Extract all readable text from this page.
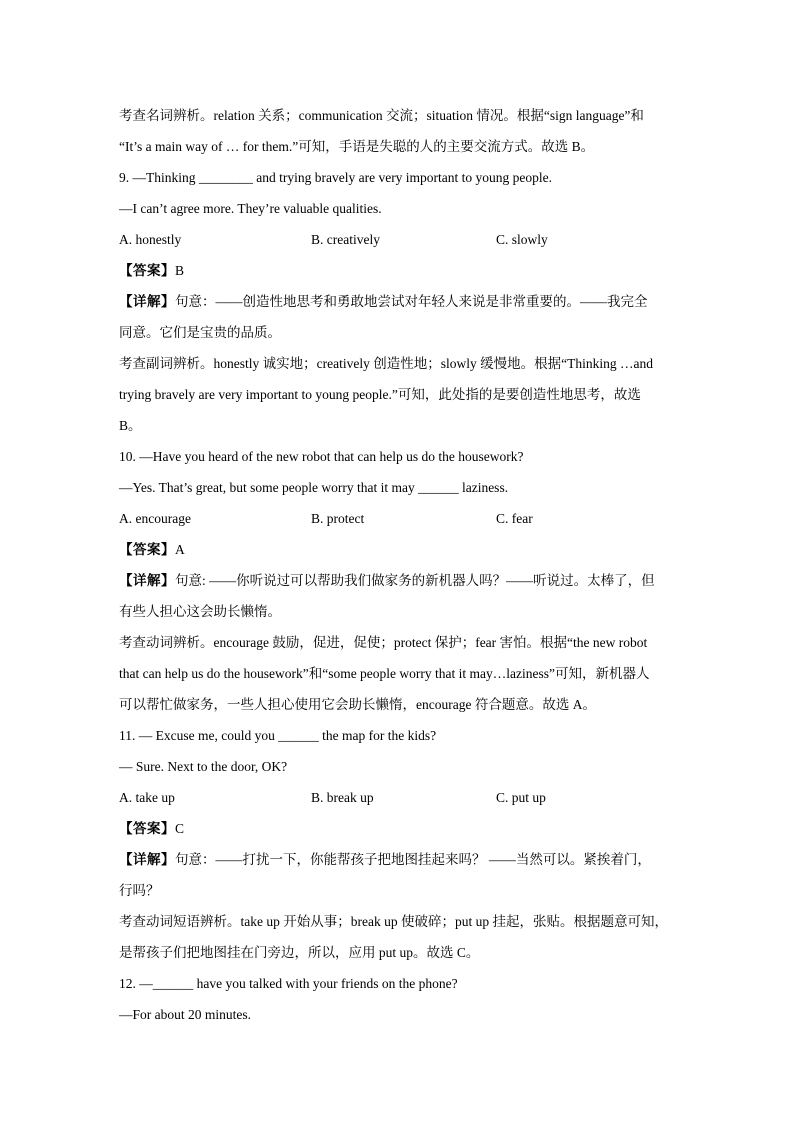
考查名词辨析。relation 关系；communication 交流；situation 情况。根据“sign language”和
“It’s a main way of … for them.”可知，手语是失聪的人的主要交流方式。故选 B。
9. —Thinking ________ and trying bravely are very important to young people.
—I can’t agree more. They’re valuable qualities.
A. honestly	B. creatively	C. slowly
【答案】B
【详解】句意：——创造性地思考和勇敢地尝试对年轻人来说是非常重要的。——我完全
同意。它们是宝贵的品质。
考查副词辨析。honestly 诚实地；creatively 创造性地；slowly 缓慢地。根据“Thinking …and
trying bravely are very important to young people.”可知，此处指的是要创造性地思考，故选
B。
10. —Have you heard of the new robot that can help us do the housework?
—Yes. That’s great, but some people worry that it may ______ laziness.
A. encourage	B. protect	C. fear
【答案】A
【详解】句意: ——你听说过可以帮助我们做家务的新机器人吗？——听说过。太棒了，但
有些人担心这会助长懒惰。
考查动词辨析。encourage 鼓励，促进，促使；protect 保护；fear 害怕。根据“the new robot
that can help us do the housework”和“some people worry that it may…laziness”可知，新机器人
可以帮忙做家务，一些人担心使用它会助长懒惰，encourage 符合题意。故选 A。
11. — Excuse me, could you ______ the map for the kids?
— Sure. Next to the door, OK?
A. take up	B. break up	C. put up
【答案】C
【详解】句意：——打扰一下，你能帮孩子把地图挂起来吗？ ——当然可以。紧挨着门，
行吗？
考查动词短语辨析。take up 开始从事；break up 使破碎；put up 挂起，张贴。根据题意可知，
是帮孩子们把地图挂在门旁边，所以，应用 put up。故选 C。
12. —______ have you talked with your friends on the phone?
—For about 20 minutes.
